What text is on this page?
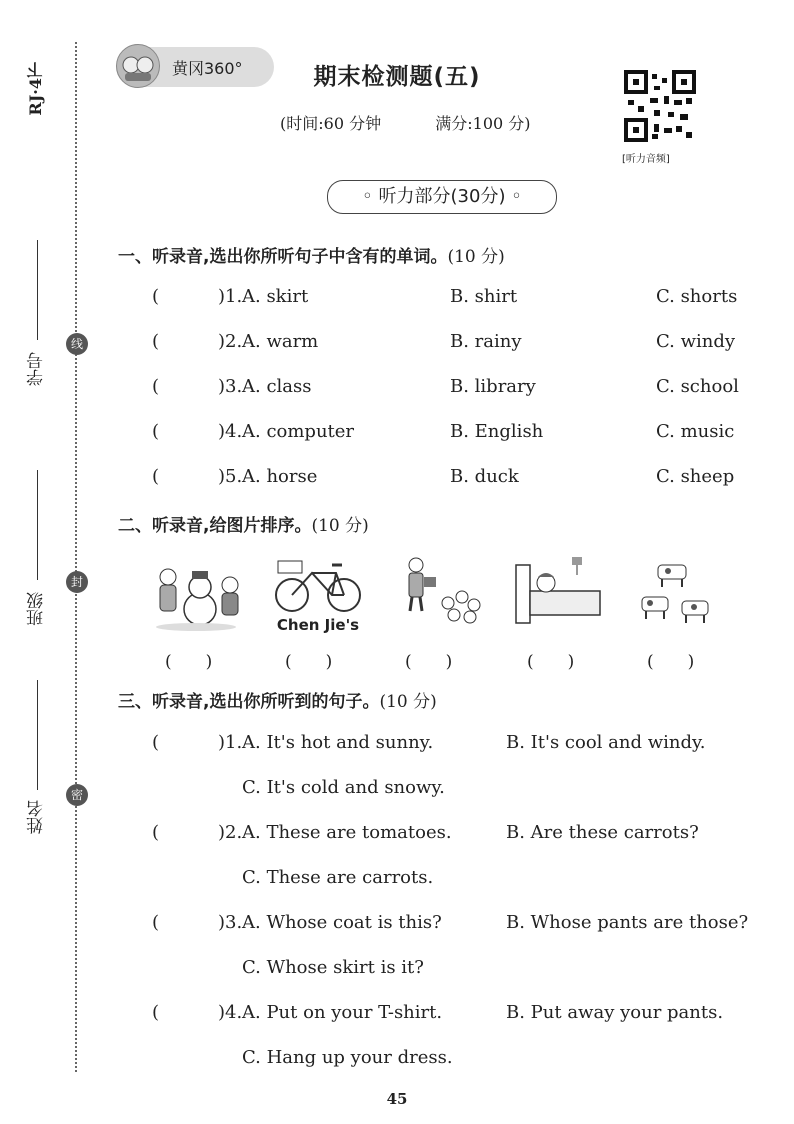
RJ·4下
学号
班级
姓名
线
封
密
黄冈360°	期末检测题(五)
(时间:60 分钟	满分:100 分)
[听力音频]
◦ 听力部分(30分) ◦
一、听录音,选出你所听句子中含有的单词。(10 分)
(	)1. A. skirt	B. shirt	C. shorts
(	)2. A. warm	B. rainy	C. windy
(	)3. A. class	B. library	C. school
(	)4. A. computer	B. English	C. music
(	)5. A. horse	B. duck	C. sheep
二、听录音,给图片排序。(10 分)
Chen Jie's
(　　)	(　　)	(　　)	(　　)	(　　)
三、听录音,选出你所听到的句子。(10 分)
(	)1. A. It's hot and sunny.	B. It's cool and windy.
C. It's cold and snowy.
(	)2. A. These are tomatoes.	B. Are these carrots?
C. These are carrots.
(	)3. A. Whose coat is this?	B. Whose pants are those?
C. Whose skirt is it?
(	)4. A. Put on your T-shirt.	B. Put away your pants.
C. Hang up your dress.
45
